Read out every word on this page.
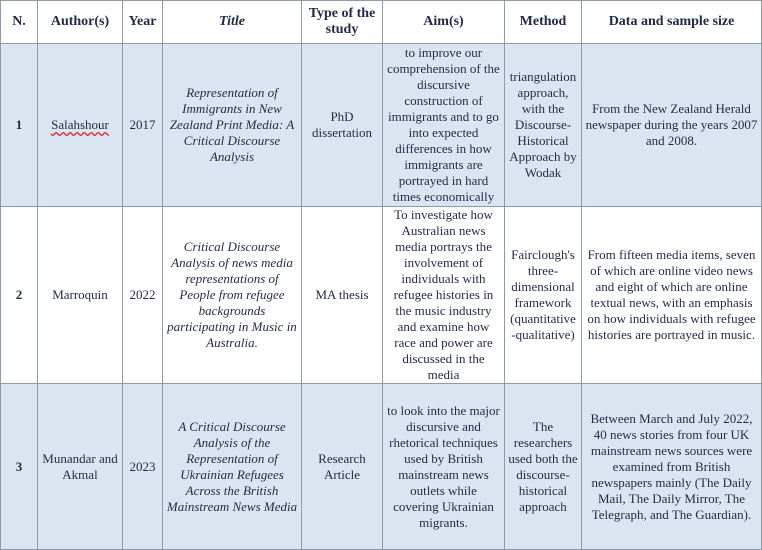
N.	Author(s)	Year	Title	Type of the study	Aim(s)	Method	Data and sample size
1	Salahshour	2017	Representation of Immigrants in New Zealand Print Media: A Critical Discourse Analysis	PhD dissertation	to improve our comprehension of the discursive construction of immigrants and to go into expected differences in how immigrants are portrayed in hard times economically	triangulation approach, with the Discourse-Historical Approach by Wodak	From the New Zealand Herald newspaper during the years 2007 and 2008.
2	Marroquin	2022	Critical Discourse Analysis of news media representations of People from refugee backgrounds participating in Music in Australia.	MA thesis	To investigate how Australian news media portrays the involvement of individuals with refugee histories in the music industry and examine how race and power are discussed in the media	Fairclough's three-dimensional framework (quantitative-qualitative)	From fifteen media items, seven of which are online video news and eight of which are online textual news, with an emphasis on how individuals with refugee histories are portrayed in music.
3	Munandar and Akmal	2023	A Critical Discourse Analysis of the Representation of Ukrainian Refugees Across the British Mainstream News Media	Research Article	to look into the major discursive and rhetorical techniques used by British mainstream news outlets while covering Ukrainian migrants.	The researchers used both the discourse-historical approach	Between March and July 2022, 40 news stories from four UK mainstream news sources were examined from British newspapers mainly (The Daily Mail, The Daily Mirror, The Telegraph, and The Guardian).
